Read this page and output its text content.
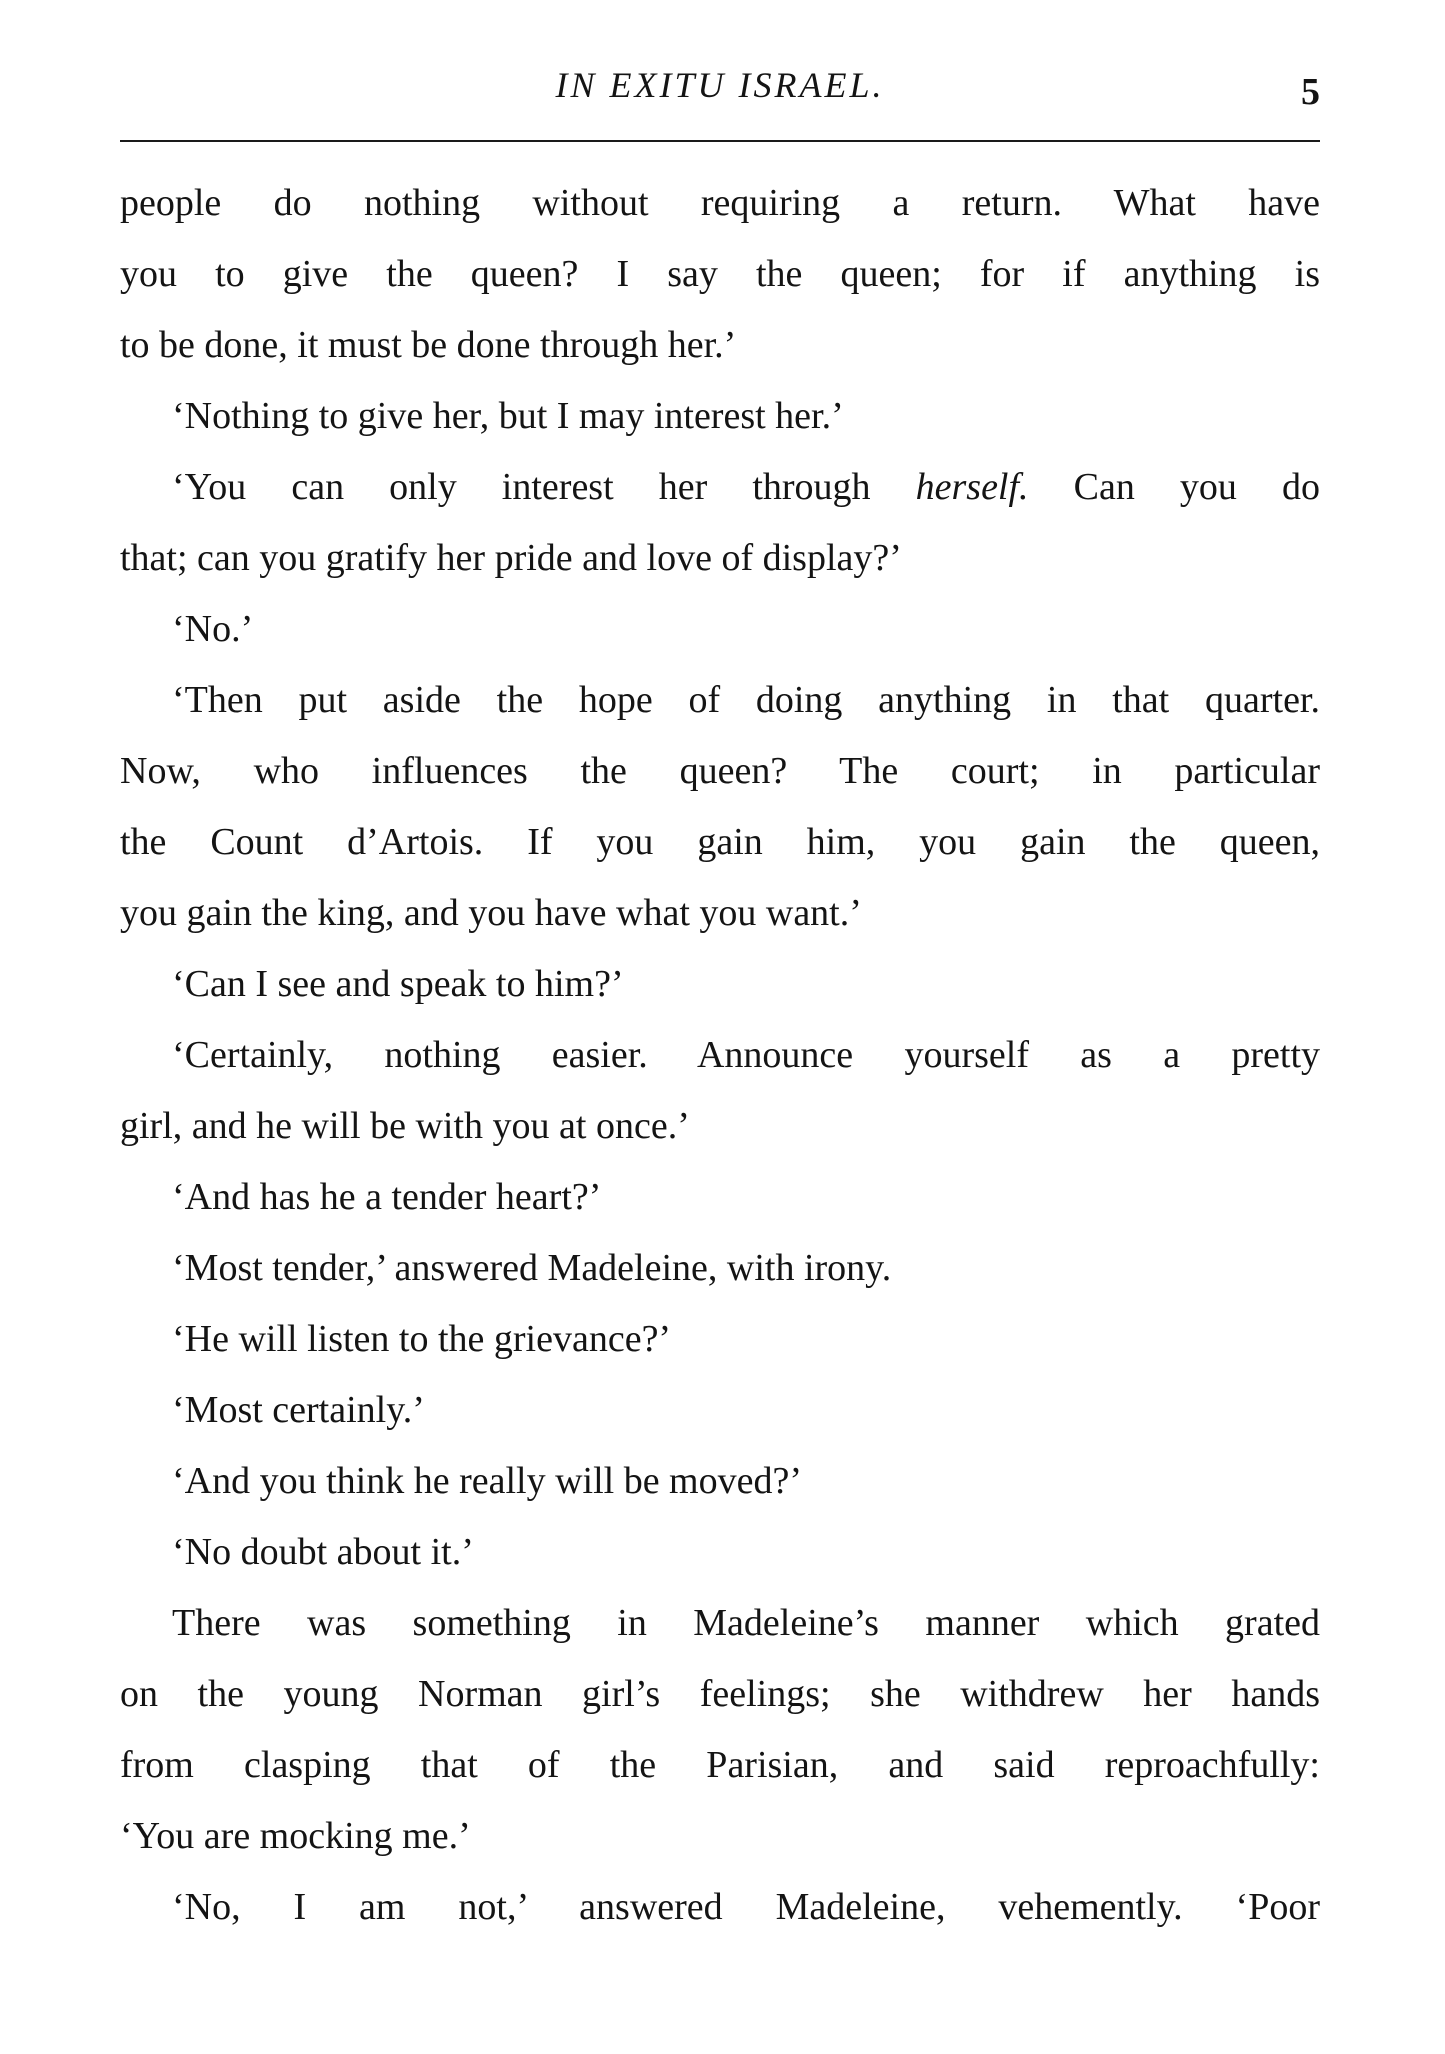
IN EXITU ISRAEL.	5
people do nothing without requiring a return. What have
you to give the queen? I say the queen; for if anything is
to be done, it must be done through her.’
‘Nothing to give her, but I may interest her.’
‘You can only interest her through herself. Can you do
that; can you gratify her pride and love of display?’
‘No.’
‘Then put aside the hope of doing anything in that quarter.
Now, who influences the queen? The court; in particular
the Count d’Artois. If you gain him, you gain the queen,
you gain the king, and you have what you want.’
‘Can I see and speak to him?’
‘Certainly, nothing easier. Announce yourself as a pretty
girl, and he will be with you at once.’
‘And has he a tender heart?’
‘Most tender,’ answered Madeleine, with irony.
‘He will listen to the grievance?’
‘Most certainly.’
‘And you think he really will be moved?’
‘No doubt about it.’
There was something in Madeleine’s manner which grated
on the young Norman girl’s feelings; she withdrew her hands
from clasping that of the Parisian, and said reproachfully:
‘You are mocking me.’
‘No, I am not,’ answered Madeleine, vehemently. ‘Poor
